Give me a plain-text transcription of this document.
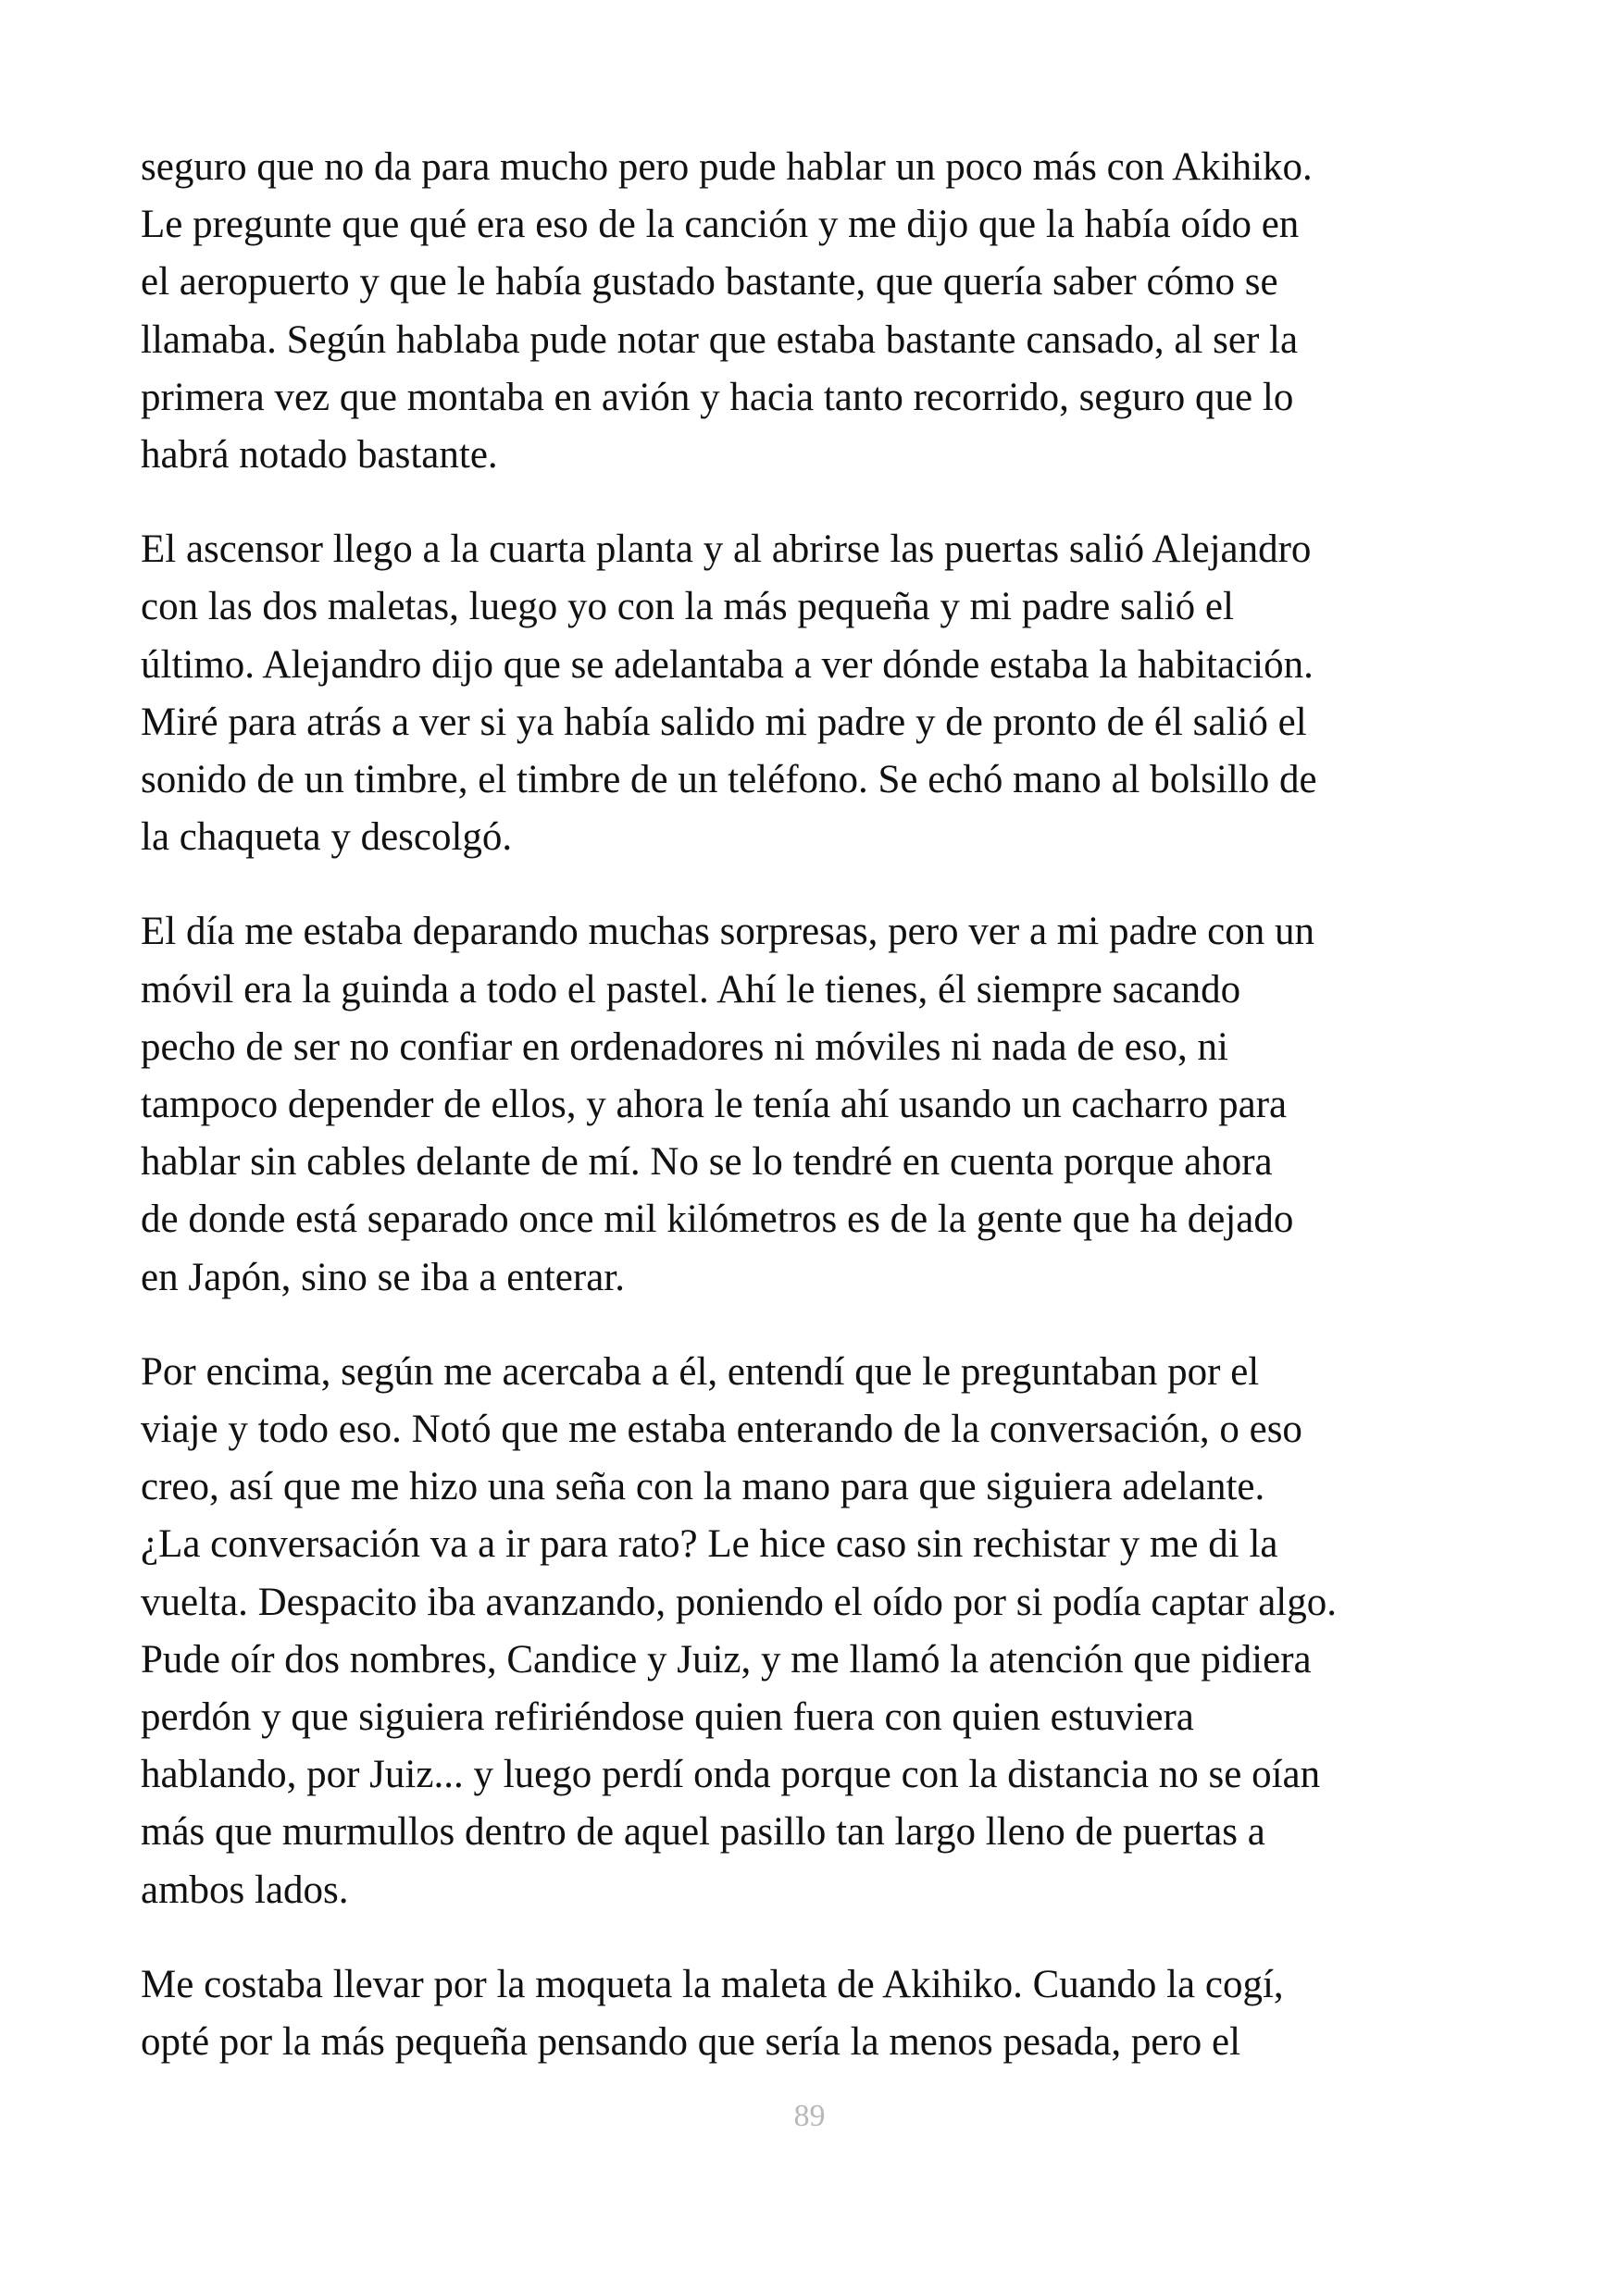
seguro que no da para mucho pero pude hablar un poco más con Akihiko.
Le pregunte que qué era eso de la canción y me dijo que la había oído en
el aeropuerto y que le había gustado bastante, que quería saber cómo se
llamaba. Según hablaba pude notar que estaba bastante cansado, al ser la
primera vez que montaba en avión y hacia tanto recorrido, seguro que lo
habrá notado bastante.

El ascensor llego a la cuarta planta y al abrirse las puertas salió Alejandro
con las dos maletas, luego yo con la más pequeña y mi padre salió el
último. Alejandro dijo que se adelantaba a ver dónde estaba la habitación.
Miré para atrás a ver si ya había salido mi padre y de pronto de él salió el
sonido de un timbre, el timbre de un teléfono. Se echó mano al bolsillo de
la chaqueta y descolgó.

El día me estaba deparando muchas sorpresas, pero ver a mi padre con un
móvil era la guinda a todo el pastel. Ahí le tienes, él siempre sacando
pecho de ser no confiar en ordenadores ni móviles ni nada de eso, ni
tampoco depender de ellos, y ahora le tenía ahí usando un cacharro para
hablar sin cables delante de mí. No se lo tendré en cuenta porque ahora
de donde está separado once mil kilómetros es de la gente que ha dejado
en Japón, sino se iba a enterar.

Por encima, según me acercaba a él, entendí que le preguntaban por el
viaje y todo eso. Notó que me estaba enterando de la conversación, o eso
creo, así que me hizo una seña con la mano para que siguiera adelante.
¿La conversación va a ir para rato? Le hice caso sin rechistar y me di la
vuelta. Despacito iba avanzando, poniendo el oído por si podía captar algo.
Pude oír dos nombres, Candice y Juiz, y me llamó la atención que pidiera
perdón y que siguiera refiriéndose quien fuera con quien estuviera
hablando, por Juiz... y luego perdí onda porque con la distancia no se oían
más que murmullos dentro de aquel pasillo tan largo lleno de puertas a
ambos lados.

Me costaba llevar por la moqueta la maleta de Akihiko. Cuando la cogí,
opté por la más pequeña pensando que sería la menos pesada, pero el

89
